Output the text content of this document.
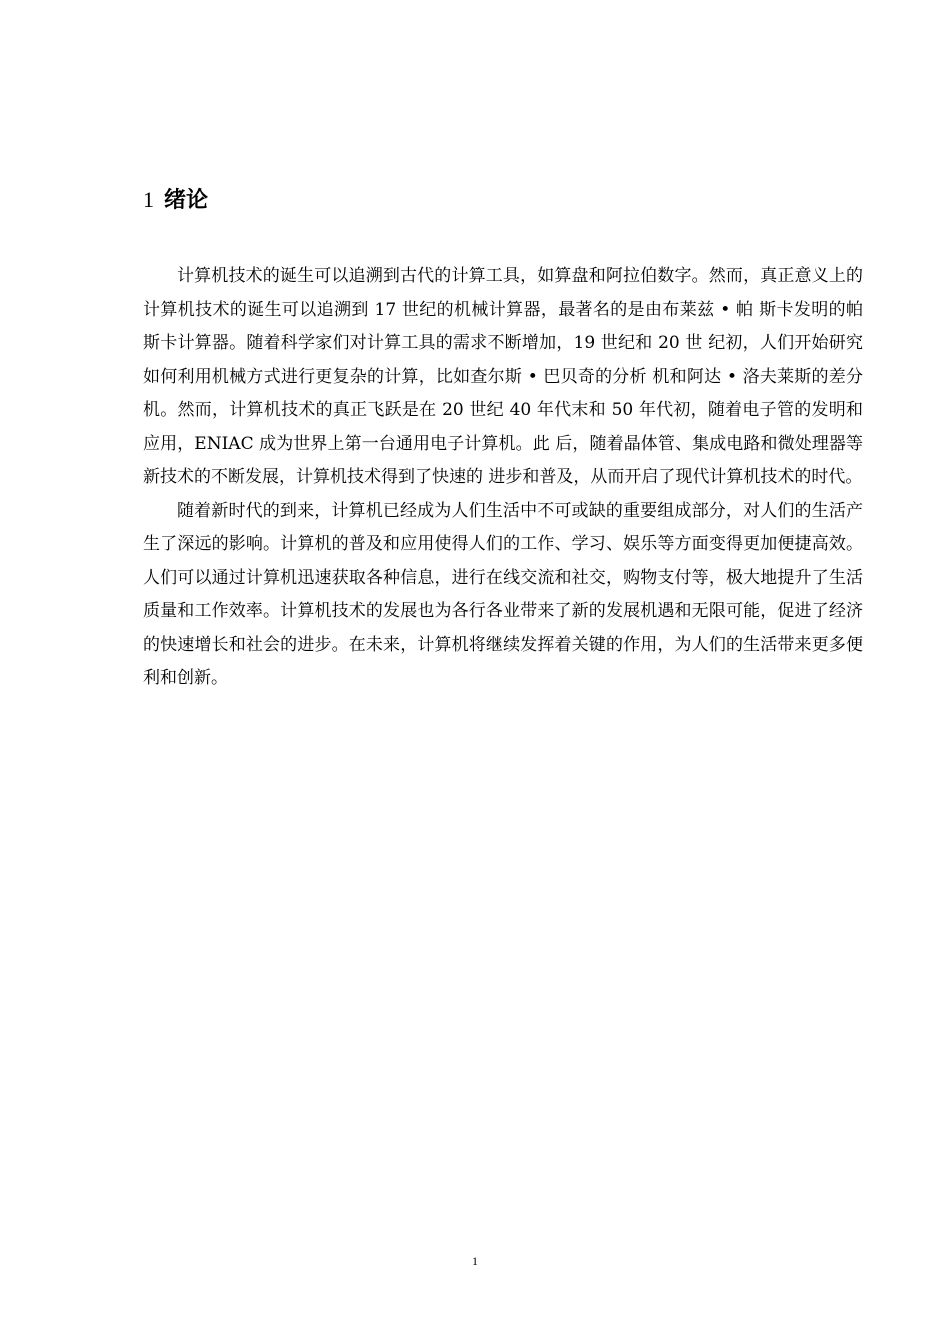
1 绪论

计算机技术的诞生可以追溯到古代的计算工具，如算盘和阿拉伯数字。然而，真正意义上的计算机技术的诞生可以追溯到 17 世纪的机械计算器，最著名的是由布莱兹 • 帕 斯卡发明的帕斯卡计算器。随着科学家们对计算工具的需求不断增加，19 世纪和 20 世 纪初，人们开始研究如何利用机械方式进行更复杂的计算，比如查尔斯 • 巴贝奇的分析 机和阿达 • 洛夫莱斯的差分机。然而，计算机技术的真正飞跃是在 20 世纪 40 年代末和 50 年代初，随着电子管的发明和应用，ENIAC 成为世界上第一台通用电子计算机。此 后，随着晶体管、集成电路和微处理器等新技术的不断发展，计算机技术得到了快速的 进步和普及，从而开启了现代计算机技术的时代。

随着新时代的到来，计算机已经成为人们生活中不可或缺的重要组成部分，对人们的生活产生了深远的影响。计算机的普及和应用使得人们的工作、学习、娱乐等方面变得更加便捷高效。人们可以通过计算机迅速获取各种信息，进行在线交流和社交，购物支付等，极大地提升了生活质量和工作效率。计算机技术的发展也为各行各业带来了新的发展机遇和无限可能，促进了经济的快速增长和社会的进步。在未来，计算机将继续发挥着关键的作用，为人们的生活带来更多便利和创新。

1
